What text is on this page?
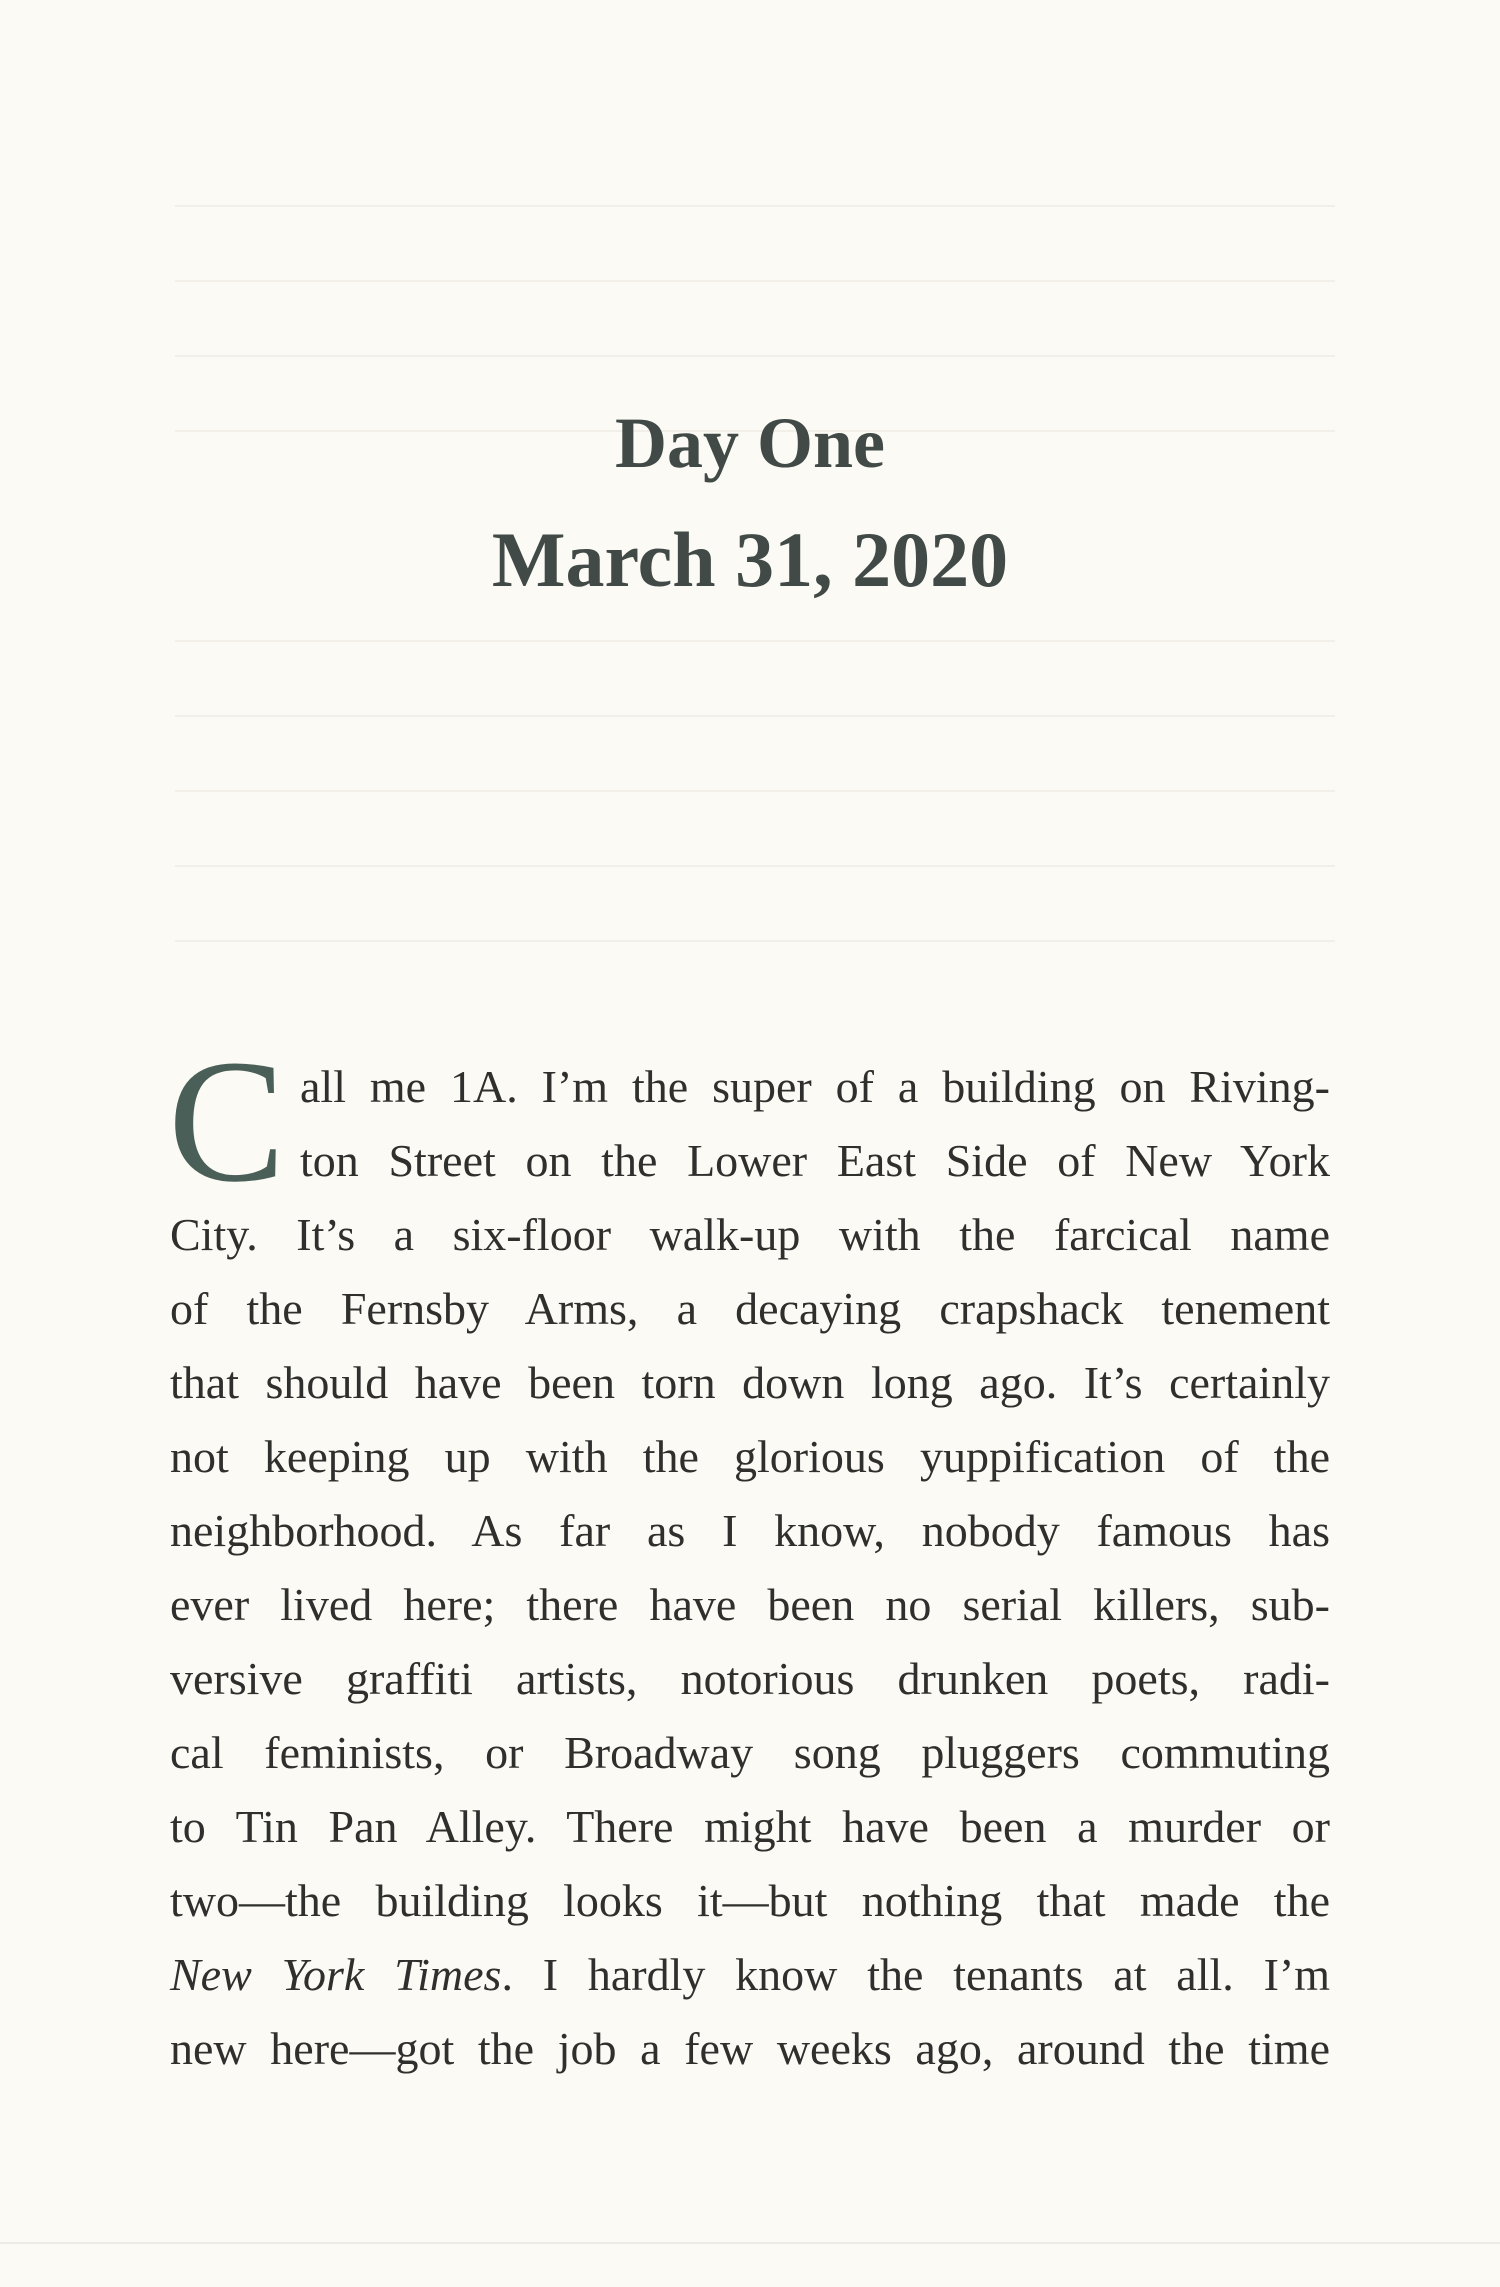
Day One
March 31, 2020
C all me 1A. I’m the super of a building on Riving-
ton Street on the Lower East Side of New York
City. It’s a six-floor walk-up with the farcical name
of the Fernsby Arms, a decaying crapshack tenement
that should have been torn down long ago. It’s certainly
not keeping up with the glorious yuppification of the
neighborhood. As far as I know, nobody famous has
ever lived here; there have been no serial killers, sub-
versive graffiti artists, notorious drunken poets, radi-
cal feminists, or Broadway song pluggers commuting
to Tin Pan Alley. There might have been a murder or
two—the building looks it—but nothing that made the
New York Times. I hardly know the tenants at all. I’m
new here—got the job a few weeks ago, around the time
